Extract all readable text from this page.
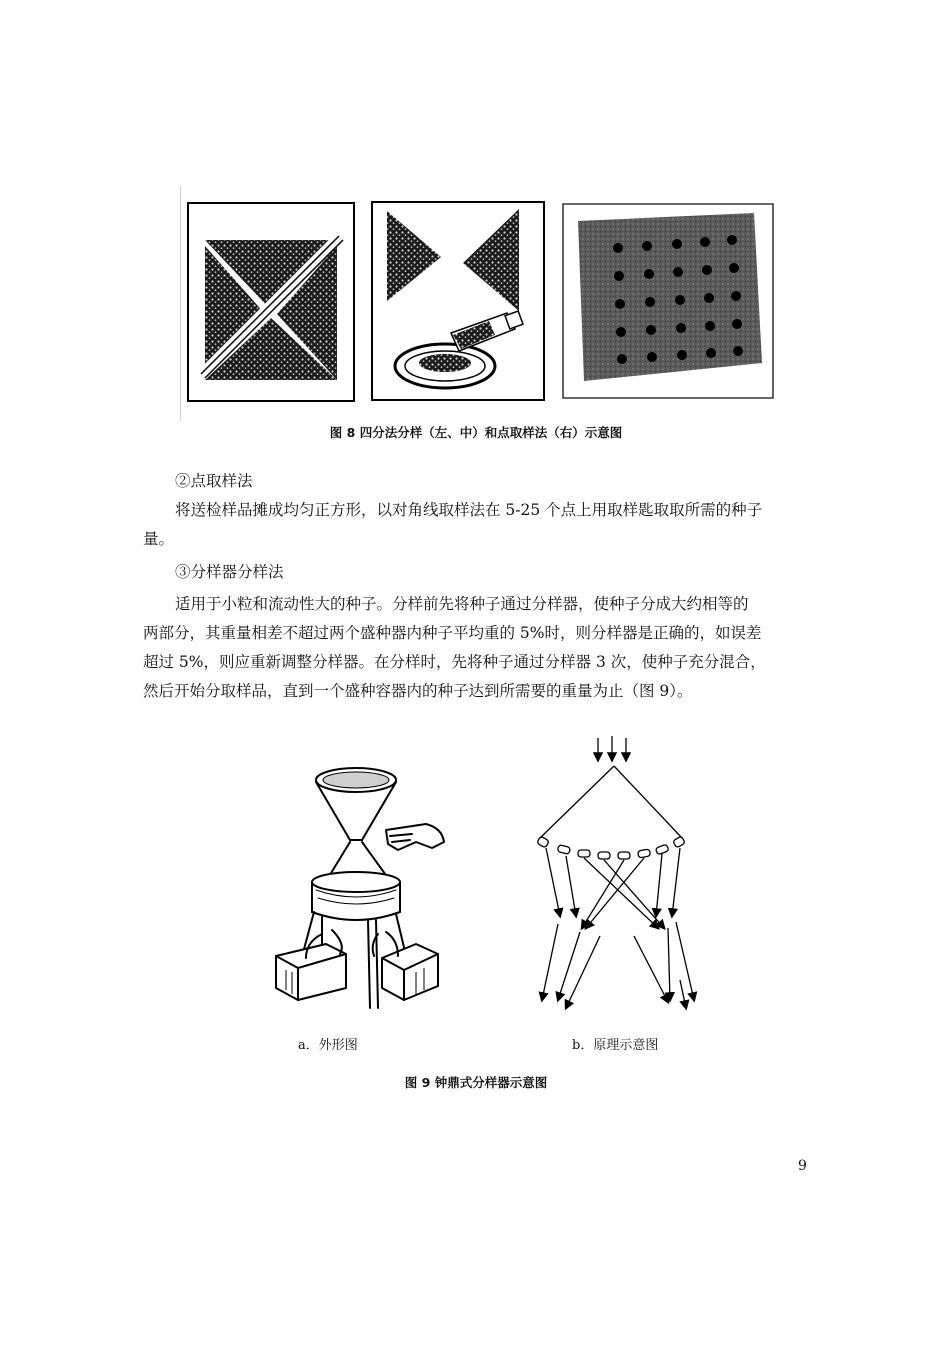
图 8 四分法分样（左、中）和点取样法（右）示意图
②点取样法
将送检样品摊成均匀正方形，以对角线取样法在 5-25 个点上用取样匙取取所需的种子
量。
③分样器分样法
适用于小粒和流动性大的种子。分样前先将种子通过分样器，使种子分成大约相等的
两部分，其重量相差不超过两个盛种器内种子平均重的 5%时，则分样器是正确的，如误差
超过 5%，则应重新调整分样器。在分样时，先将种子通过分样器 3 次，使种子充分混合，
然后开始分取样品，直到一个盛种容器内的种子达到所需要的重量为止（图 9）。
a．外形图	b．原理示意图
图 9 钟鼎式分样器示意图
9
